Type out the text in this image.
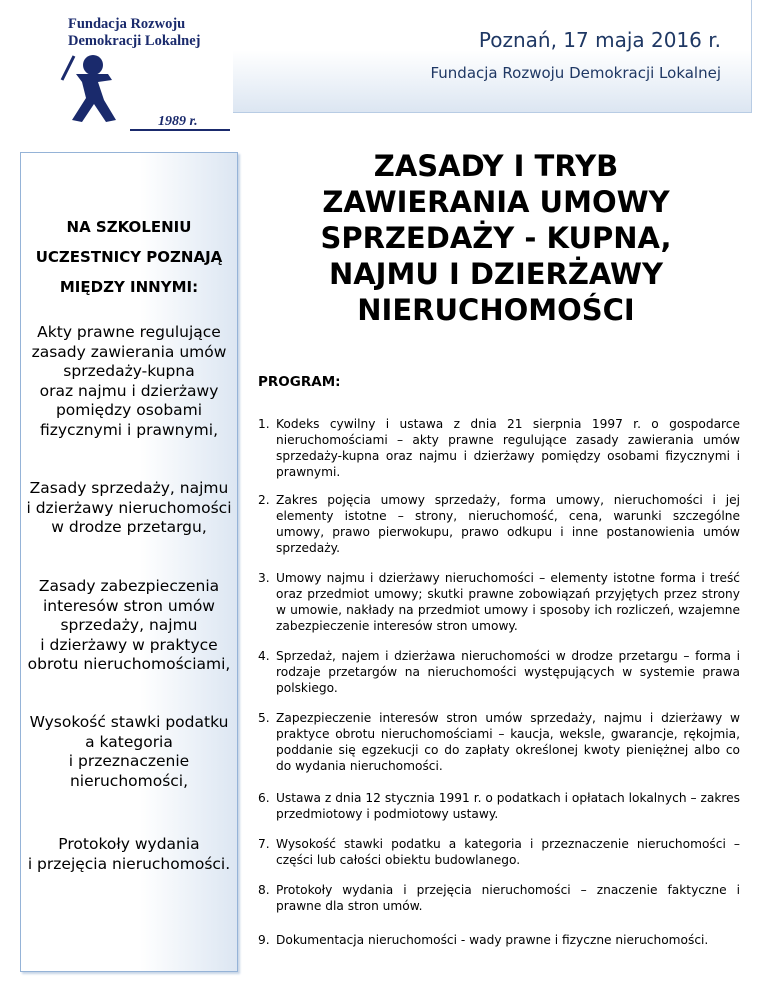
Fundacja Rozwoju
Demokracji Lokalnej
1989 r.
Poznań, 17 maja 2016 r.
Fundacja Rozwoju Demokracji Lokalnej
NA SZKOLENIU
UCZESTNICY POZNAJĄ
MIĘDZY INNYMI:
Akty prawne regulujące
zasady zawierania umów
sprzedaży-kupna
oraz najmu i dzierżawy
pomiędzy osobami
fizycznymi i prawnymi,
Zasady sprzedaży, najmu
i dzierżawy nieruchomości
w drodze przetargu,
Zasady zabezpieczenia
interesów stron umów
sprzedaży, najmu
i dzierżawy w praktyce
obrotu nieruchomościami,
Wysokość stawki podatku
a kategoria
i przeznaczenie
nieruchomości,
Protokoły wydania
i przejęcia nieruchomości.
ZASADY I TRYB
ZAWIERANIA UMOWY
SPRZEDAŻY - KUPNA,
NAJMU I DZIERŻAWY
NIERUCHOMOŚCI
PROGRAM:
1. Kodeks cywilny i ustawa z dnia 21 sierpnia 1997 r. o gospodarce nieruchomościami – akty prawne regulujące zasady zawierania umów sprzedaży-kupna oraz najmu i dzierżawy pomiędzy osobami fizycznymi i prawnymi.
2. Zakres pojęcia umowy sprzedaży, forma umowy, nieruchomości i jej elementy istotne – strony, nieruchomość, cena, warunki szczególne umowy, prawo pierwokupu, prawo odkupu i inne postanowienia umów sprzedaży.
3. Umowy najmu i dzierżawy nieruchomości – elementy istotne forma i treść oraz przedmiot umowy; skutki prawne zobowiązań przyjętych przez strony w umowie, nakłady na przedmiot umowy i sposoby ich rozliczeń, wzajemne zabezpieczenie interesów stron umowy.
4. Sprzedaż, najem i dzierżawa nieruchomości w drodze przetargu – forma i rodzaje przetargów na nieruchomości występujących w systemie prawa polskiego.
5. Zapezpieczenie interesów stron umów sprzedaży, najmu i dzierżawy w praktyce obrotu nieruchomościami – kaucja, weksle, gwarancje, rękojmia, poddanie się egzekucji co do zapłaty określonej kwoty pieniężnej albo co do wydania nieruchomości.
6. Ustawa z dnia 12 stycznia 1991 r. o podatkach i opłatach lokalnych – zakres przedmiotowy i podmiotowy ustawy.
7. Wysokość stawki podatku a kategoria i przeznaczenie nieruchomości – części lub całości obiektu budowlanego.
8. Protokoły wydania i przejęcia nieruchomości – znaczenie faktyczne i prawne dla stron umów.
9. Dokumentacja nieruchomości - wady prawne i fizyczne nieruchomości.
